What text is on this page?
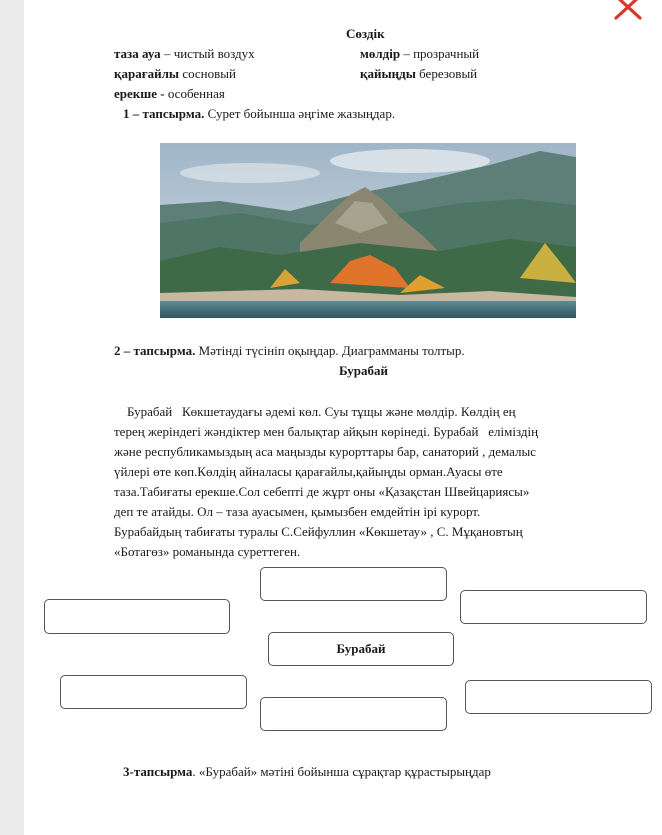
Сөздік
таза ауа – чистый воздух	мөлдір – прозрачный
қарағайлы сосновый	қайыңды березовый
ерекше - особенная
1 – тапсырма. Сурет бойынша әңгіме жазыңдар.
2 – тапсырма. Мәтінді түсініп оқыңдар. Диаграмманы толтыр.
Бурабай
Бурабай   Көкшетаудағы әдемі көл. Суы тұщы және мөлдір. Көлдің ең
терең жеріндегі жәндіктер мен балықтар айқын көрінеді. Бурабай   еліміздің
және республикамыздың аса маңызды курорттары бар, санаторий , демалыс
үйлері өте көп.Көлдің айналасы қарағайлы,қайыңды орман.Ауасы өте
таза.Табиғаты ерекше.Сол себепті де жұрт оны «Қазақстан Швейцариясы»
деп те атайды. Ол – таза ауасымен, қымызбен емдейтін ірі курорт.
Бурабайдың табиғаты туралы С.Сейфуллин «Көкшетау» , С. Мұқановтың
«Ботагөз» романында суреттеген.
Бурабай
3-тапсырма. «Бурабай» мәтіні бойынша сұрақтар құрастырыңдар
